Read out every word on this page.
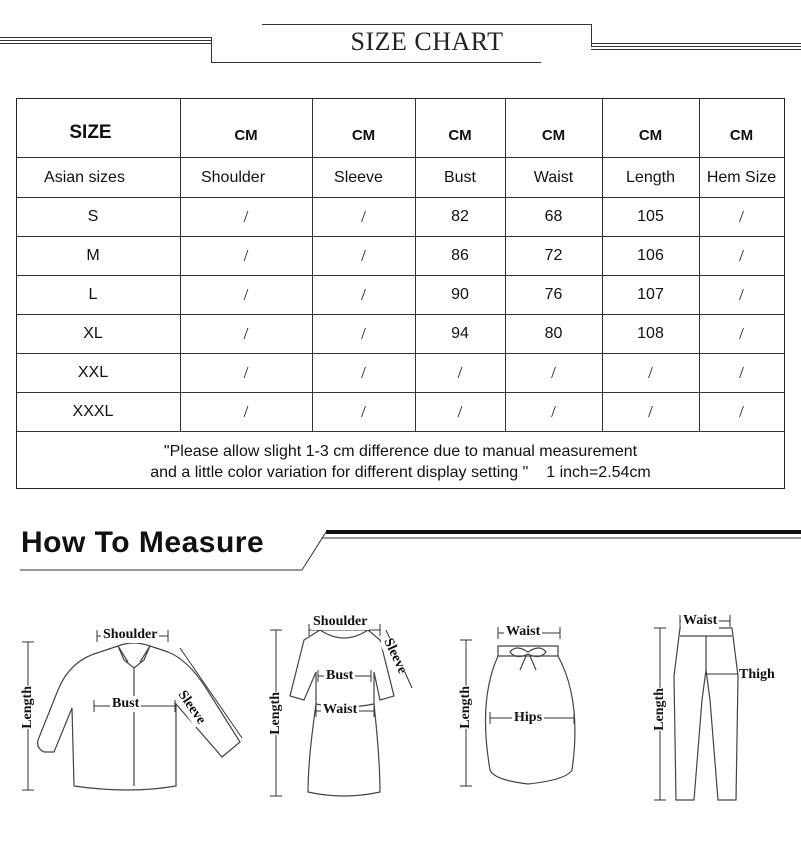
SIZE CHART
SIZE	CM	CM	CM	CM	CM	CM
Asian sizes	Shoulder	Sleeve	Bust	Waist	Length	Hem Size
S	/	/	82	68	105	/
M	/	/	86	72	106	/
L	/	/	90	76	107	/
XL	/	/	94	80	108	/
XXL	/	/	/	/	/	/
XXXL	/	/	/	/	/	/
"Please allow slight 1-3 cm difference due to manual measurement
and a little color variation for different display setting " 1 inch=2.54cm
How To Measure
Shoulder
Bust	Sleeve
Length
Shoulder
Sleeve
Bust
Waist
Length
Waist
Hips
Length
Waist
Thigh
Length
